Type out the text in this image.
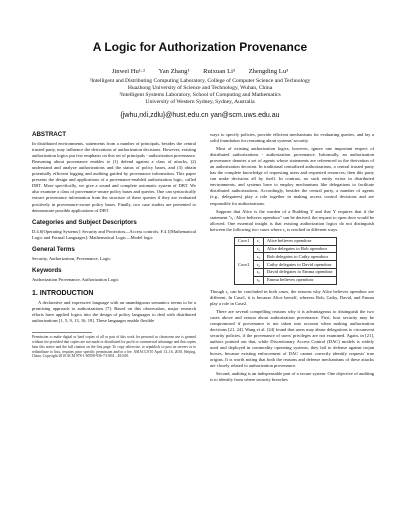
A Logic for Authorization Provenance
Jinwei Hu¹·² Yan Zhang¹ Ruixuan Li³ Zhengding Lu³
¹Intelligent and Distributing Computing Laboratory, College of Computer Science and Technology
Huazhong University of Science and Technology, Wuhan, China
²Intelligent Systems Laboratory, School of Computing and Mathematics
University of Western Sydney, Sydney, Australia
{jwhu,rxli,zdlu}@hust.edu.cn yan@scm.uws.edu.au
ABSTRACT

In distributed environments, statements from a number of principals, besides the central trusted party, may influence the derivations of authorization decisions. However, existing authorization logics put few emphasis on this set of principals - authorization provenance. Reasoning about provenance enables to (1) defend against a class of attacks, (2) understand and analyze authorizations and the status of policy bases, and (3) obtain potentially efficient logging and auditing guided by provenance information. This paper presents the design and applications of a provenance-enabled authorization logic, called DBT. More specifically, we give a sound and complete axiomatic system of DBT. We also examine a class of provenance-aware policy bases and queries. One can syntactically extract provenance information from the structure of these queries if they are evaluated positively in provenance-aware policy bases. Finally, two case studies are presented to demonstrate possible applications of DBT.

Categories and Subject Descriptors

D.4.6[Operating Systems]: Security and Protection—Access controls; F.4.1[Mathematical Logic and Formal Languages]: Mathematical Logic—Model logic

General Terms

Security, Authorization, Provenance, Logic

Keywords

Authorization Provenance, Authorization Logic

1. INTRODUCTION

A declarative and expressive language with an unambiguous semantics seems to be a promising approach to authorizations [7]. Based on this observation, major research efforts have applied logics into the design of policy languages to deal with distributed authorizations [1, 5, 9, 13, 16, 18]. These languages enable flexible

Permission to make digital or hard copies of all or part of this work for personal or classroom use is granted without fee provided that copies are not made or distributed for profit or commercial advantage and that copies bear this notice and the full citation on the first page. To copy otherwise, to republish, to post on servers or to redistribute to lists, requires prior specific permission and/or a fee. ASIACCS'10 April 13–16, 2010, Beijing, China. Copyright 2010 ACM 978-1-60558-936-7/10/04 ...$10.00.

ways to specify policies, provide efficient mechanisms for evaluating queries, and lay a solid foundation for reasoning about systems' security.

Most of existing authorization logics, however, ignore one important respect of distributed authorizations - authorization provenance. Informally, an authorization provenance denotes a set of agents whose statements are referenced in the derivation of an authorization decision. In traditional centralized authorizations, a central trusted party has the complete knowledge of requesting users and requested resources; then this party can make decisions all by itself. In contrast, no such entity exists in distributed environments, and systems have to employ mechanisms like delegations to facilitate distributed authorizations. Accordingly, besides the central party, a number of agents (e.g., delegatees) play a role together in making access control decisions and are responsible for authorizations.

Suppose that Alice is the warden of a Building Y and that Y requires that if the statement "r₁: Alice believes opendoor" can be derived, the request to open door would be allowed. One essential insight is that existing authorization logics do not distinguish between the following two cases where r₁ is reached in different ways.

Case1	r₁	Alice believes opendoor
Case2	r₂	Alice delegates to Bob opendoor
	r₃	Bob delegates to Cathy opendoor
	r₄	Cathy delegates to David opendoor
	r₅	David delegates to Emma opendoor
	r₆	Emma believes opendoor

Though r₁ can be concluded in both cases, the reasons why Alice believes opendoor are different. In Case1, it is because Alice herself, whereas Bob, Cathy, David, and Emma play a role in Case2.

There are several compelling reasons why it is advantageous to distinguish the two cases above and reason about authorization provenance. First, host security may be compromised if provenance is not taken into account when making authorization decisions [21, 24]. Wang et al. [24] found that users may abuse delegations to circumvent security policies, if the provenance of users' privileges are not examined. Again, in [21], authors pointed out that, while Discretionary Access Control (DAC) models is widely used and deployed in commodity operating systems, they fail to defense against trojan horses, because existing enforcement of DAC cannot correctly identify requests' true origins. It is worth noting that both the reasons and defense mechanisms of these attacks are closely related to authorization provenance.

Second, auditing is an indispensable part of a secure system. One objective of auditing is to identify from where security breaches
